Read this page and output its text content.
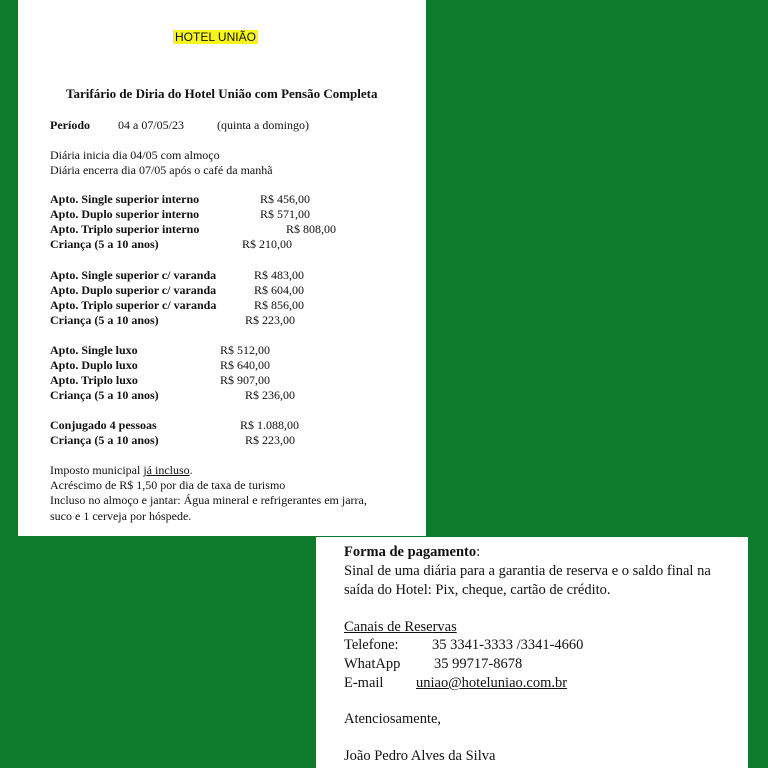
HOTEL UNIÃO
Tarifário de Diria do Hotel União com Pensão Completa
Período 04 a 07/05/23	(quinta a domingo)
Diária inicia dia 04/05 com almoço
Diária encerra dia 07/05 após o café da manhã
Apto. Single superior interno	R$ 456,00
Apto. Duplo superior interno	R$ 571,00
Apto. Triplo superior interno	R$ 808,00
Criança (5 a 10 anos)	R$ 210,00
Apto. Single superior c/ varanda	R$ 483,00
Apto. Duplo superior c/ varanda	R$ 604,00
Apto. Triplo superior c/ varanda	R$ 856,00
Criança (5 a 10 anos)	R$ 223,00
Apto. Single luxo	R$ 512,00
Apto. Duplo luxo	R$ 640,00
Apto. Triplo luxo	R$ 907,00
Criança (5 a 10 anos)	R$ 236,00
Conjugado 4 pessoas	R$ 1.088,00
Criança (5 a 10 anos)	R$ 223,00
Imposto municipal já incluso.
Acréscimo de R$ 1,50 por dia de taxa de turismo
Incluso no almoço e jantar: Água mineral e refrigerantes em jarra,
suco e 1 cerveja por hóspede.
Forma de pagamento:
Sinal de uma diária para a garantia de reserva e o saldo final na
saída do Hotel: Pix, cheque, cartão de crédito.
Canais de Reservas
Telefone: 35 3341-3333 /3341-4660
WhatApp 35 99717-8678
E-mail uniao@hoteluniao.com.br
Atenciosamente,
João Pedro Alves da Silva
